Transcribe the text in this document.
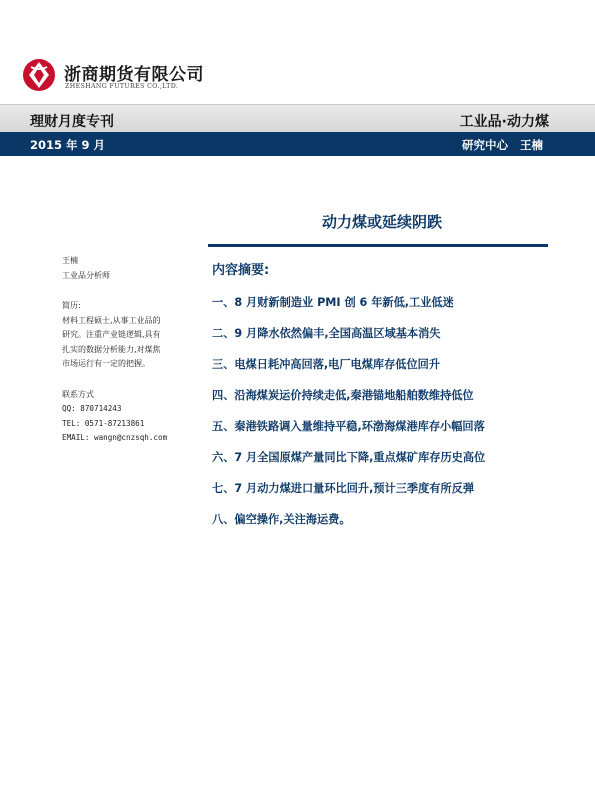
浙商期货有限公司
ZHESHANG FUTURES CO.,LTD.
理财月度专刊	工业品·动力煤
2015 年 9 月	研究中心 王楠
动力煤或延续阴跌
王楠
工业品分析师
简历:
材料工程硕士,从事工业品的
研究。注重产业链逻辑,具有
扎实的数据分析能力,对煤焦
市场运行有一定的把握。
联系方式
QQ: 870714243
TEL: 0571-87213861
EMAIL: wangn@cnzsqh.com
内容摘要:
一、8 月财新制造业 PMI 创 6 年新低,工业低迷
二、9 月降水依然偏丰,全国高温区域基本消失
三、电煤日耗冲高回落,电厂电煤库存低位回升
四、沿海煤炭运价持续走低,秦港锚地船舶数维持低位
五、秦港铁路调入量维持平稳,环渤海煤港库存小幅回落
六、7 月全国原煤产量同比下降,重点煤矿库存历史高位
七、7 月动力煤进口量环比回升,预计三季度有所反弹
八、偏空操作,关注海运费。
